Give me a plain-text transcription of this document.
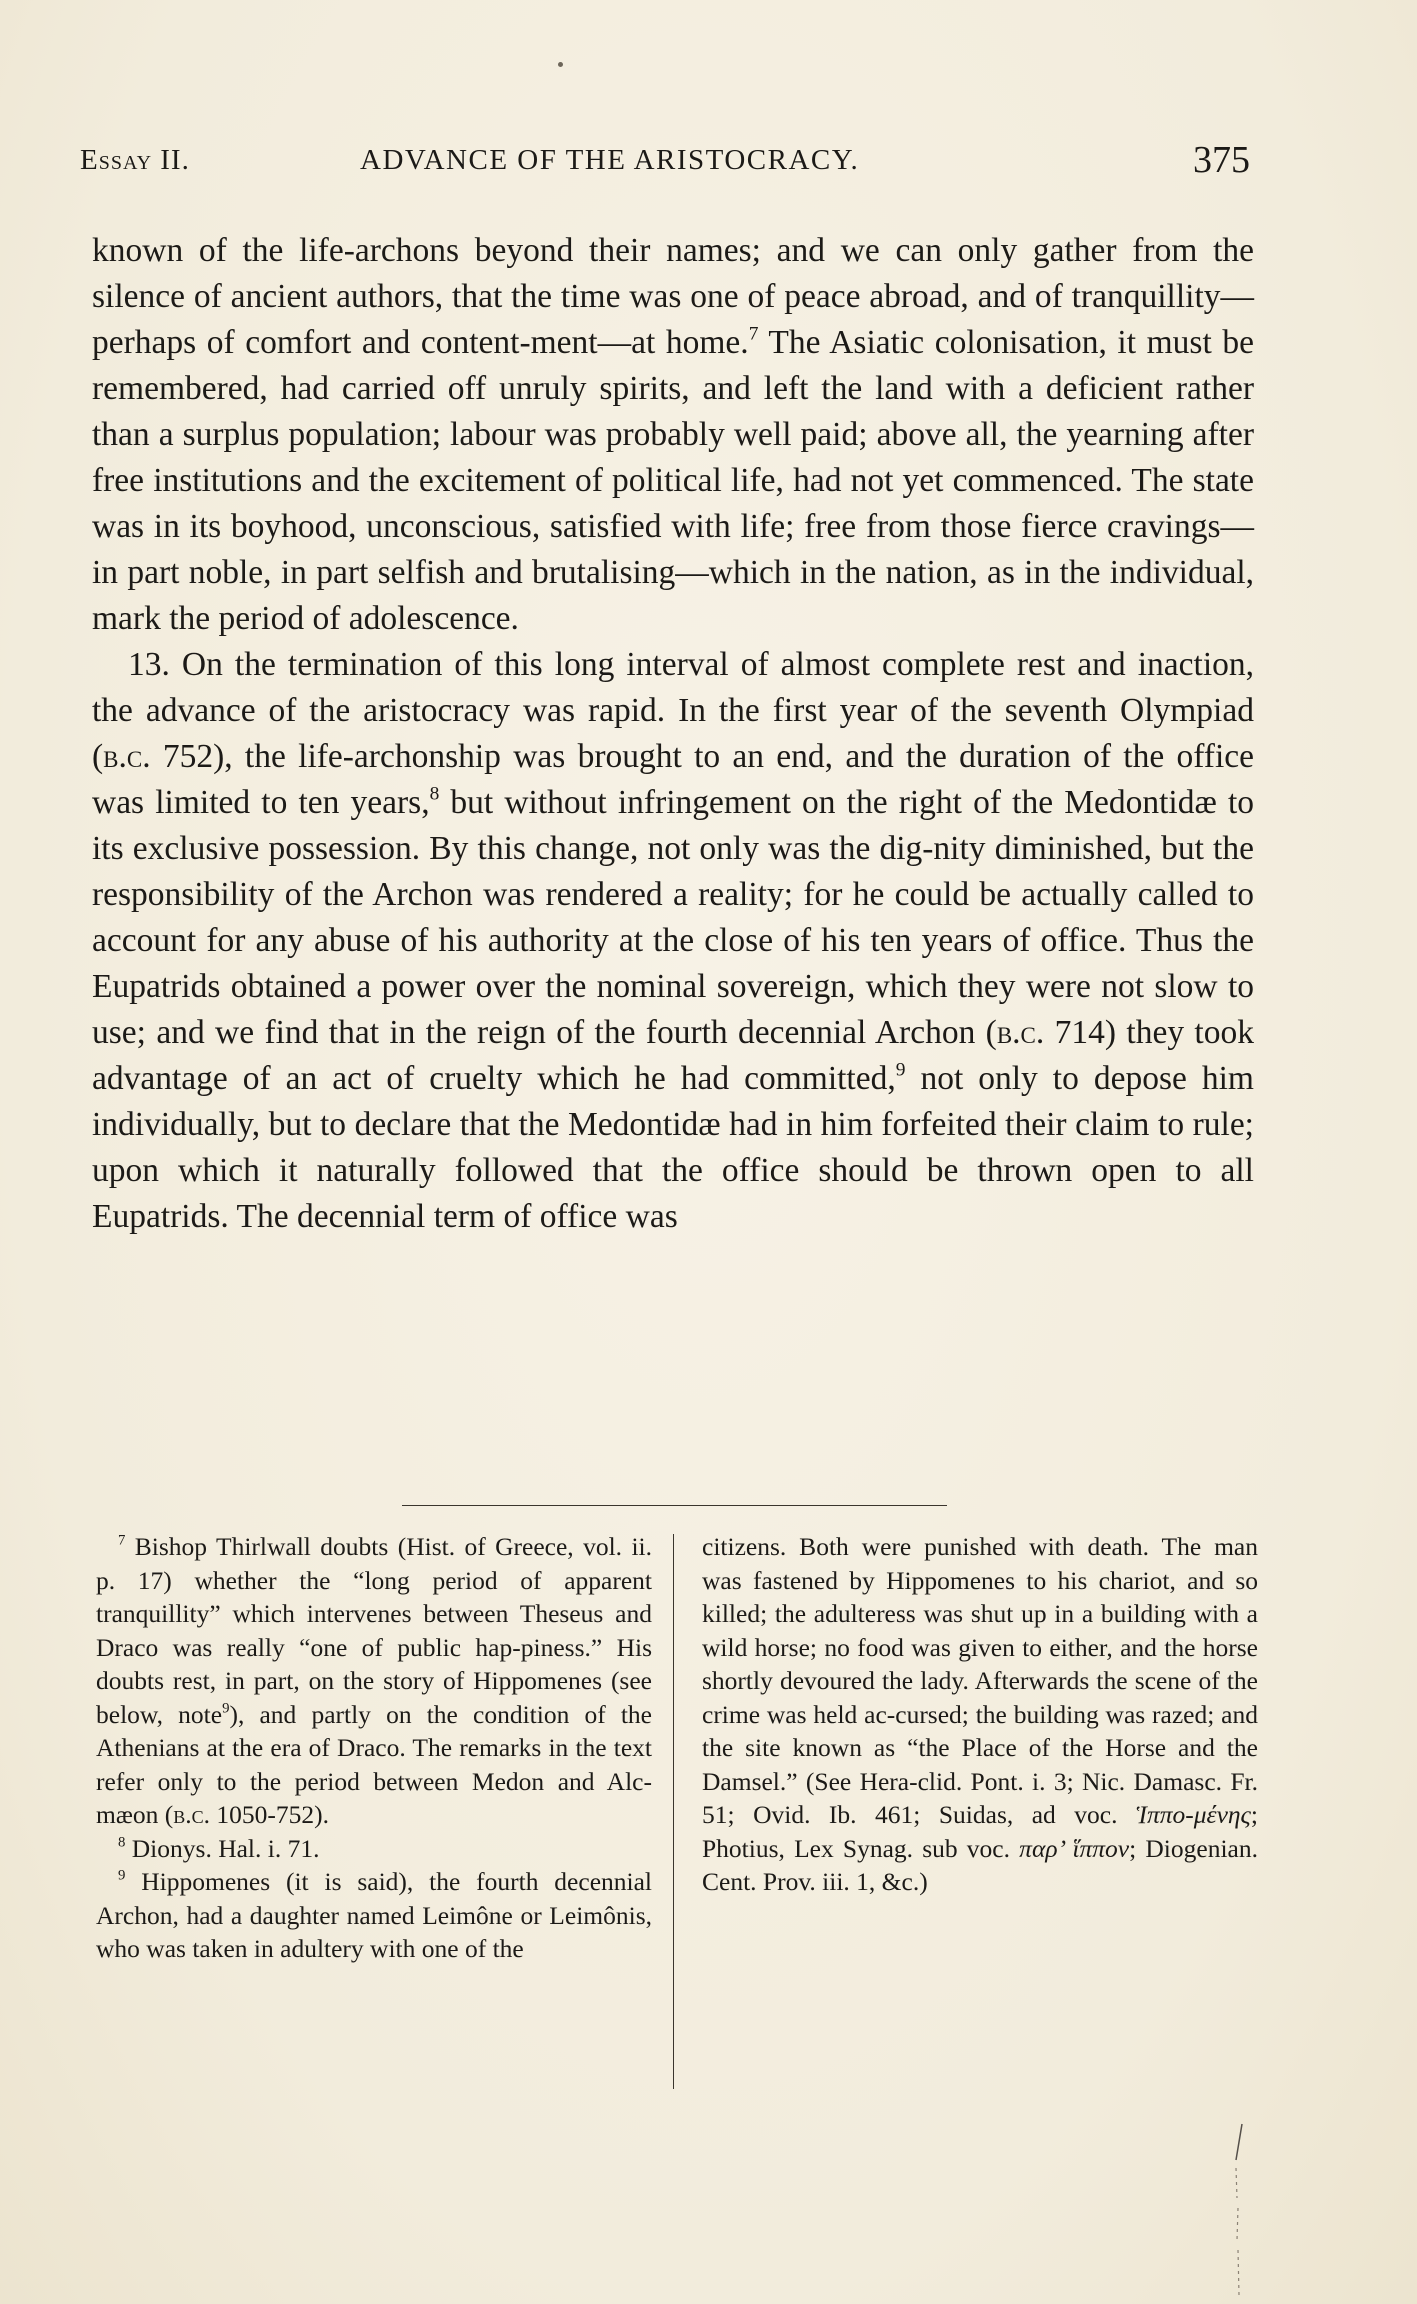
Essay II.	ADVANCE OF THE ARISTOCRACY.	375

known of the life-archons beyond their names; and we can only gather from the silence of ancient authors, that the time was one of peace abroad, and of tranquillity—perhaps of comfort and content-ment—at home.$^7$ The Asiatic colonisation, it must be remembered, had carried off unruly spirits, and left the land with a deficient rather than a surplus population; labour was probably well paid; above all, the yearning after free institutions and the excitement of political life, had not yet commenced. The state was in its boyhood, unconscious, satisfied with life; free from those fierce cravings—in part noble, in part selfish and brutalising—which in the nation, as in the individual, mark the period of adolescence.

13. On the termination of this long interval of almost complete rest and inaction, the advance of the aristocracy was rapid. In the first year of the seventh Olympiad (b.c. 752), the life-archonship was brought to an end, and the duration of the office was limited to ten years,$^8$ but without infringement on the right of the Medontidæ to its exclusive possession. By this change, not only was the dig-nity diminished, but the responsibility of the Archon was rendered a reality; for he could be actually called to account for any abuse of his authority at the close of his ten years of office. Thus the Eupatrids obtained a power over the nominal sovereign, which they were not slow to use; and we find that in the reign of the fourth decennial Archon (b.c. 714) they took advantage of an act of cruelty which he had committed,$^9$ not only to depose him individually, but to declare that the Medontidæ had in him forfeited their claim to rule; upon which it naturally followed that the office should be thrown open to all Eupatrids. The decennial term of office was

$^7$ Bishop Thirlwall doubts (Hist. of Greece, vol. ii. p. 17) whether the “long period of apparent tranquillity” which intervenes between Theseus and Draco was really “one of public hap-piness.” His doubts rest, in part, on the story of Hippomenes (see below, note$^9$), and partly on the condition of the Athenians at the era of Draco. The remarks in the text refer only to the period between Medon and Alc-mæon (b.c. 1050-752).

$^8$ Dionys. Hal. i. 71.

$^9$ Hippomenes (it is said), the fourth decennial Archon, had a daughter named Leimône or Leimônis, who was taken in adultery with one of the

citizens. Both were punished with death. The man was fastened by Hippomenes to his chariot, and so killed; the adulteress was shut up in a building with a wild horse; no food was given to either, and the horse shortly devoured the lady. Afterwards the scene of the crime was held ac-cursed; the building was razed; and the site known as “the Place of the Horse and the Damsel.” (See Hera-clid. Pont. i. 3; Nic. Damasc. Fr. 51; Ovid. Ib. 461; Suidas, ad voc. Ἱππο-μένης; Photius, Lex Synag. sub voc. παρ’ ἵππον; Diogenian. Cent. Prov. iii. 1, &c.)
